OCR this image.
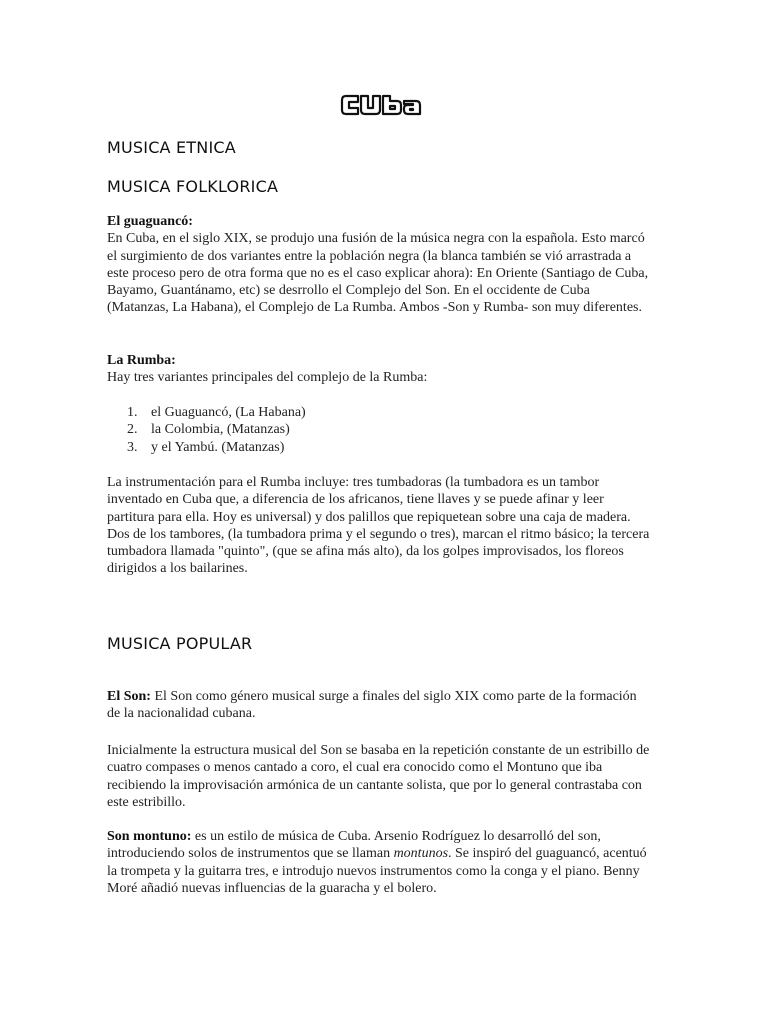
MUSICA ETNICA
MUSICA FOLKLORICA

El guaguancó:
En Cuba, en el siglo XIX, se produjo una fusión de la música negra con la española. Esto marcó el surgimiento de dos variantes entre la población negra (la blanca también se vió arrastrada a este proceso pero de otra forma que no es el caso explicar ahora): En Oriente (Santiago de Cuba, Bayamo, Guantánamo, etc) se desrrollo el Complejo del Son. En el occidente de Cuba (Matanzas, La Habana), el Complejo de La Rumba. Ambos -Son y Rumba- son muy diferentes.

La Rumba:
Hay tres variantes principales del complejo de la Rumba:

1. el Guaguancó, (La Habana)
2. la Colombia, (Matanzas)
3. y el Yambú. (Matanzas)

La instrumentación para el Rumba incluye: tres tumbadoras (la tumbadora es un tambor inventado en Cuba que, a diferencia de los africanos, tiene llaves y se puede afinar y leer partitura para ella. Hoy es universal) y dos palillos que repiquetean sobre una caja de madera. Dos de los tambores, (la tumbadora prima y el segundo o tres), marcan el ritmo básico; la tercera tumbadora llamada "quinto", (que se afina más alto), da los golpes improvisados, los floreos dirigidos a los bailarines.

MUSICA POPULAR

El Son: El Son como género musical surge a finales del siglo XIX como parte de la formación de la nacionalidad cubana.

Inicialmente la estructura musical del Son se basaba en la repetición constante de un estribillo de cuatro compases o menos cantado a coro, el cual era conocido como el Montuno que iba recibiendo la improvisación armónica de un cantante solista, que por lo general contrastaba con este estribillo.

Son montuno: es un estilo de música de Cuba. Arsenio Rodríguez lo desarrolló del son, introduciendo solos de instrumentos que se llaman montunos. Se inspiró del guaguancó, acentuó la trompeta y la guitarra tres, e introdujo nuevos instrumentos como la conga y el piano. Benny Moré añadió nuevas influencias de la guaracha y el bolero.
